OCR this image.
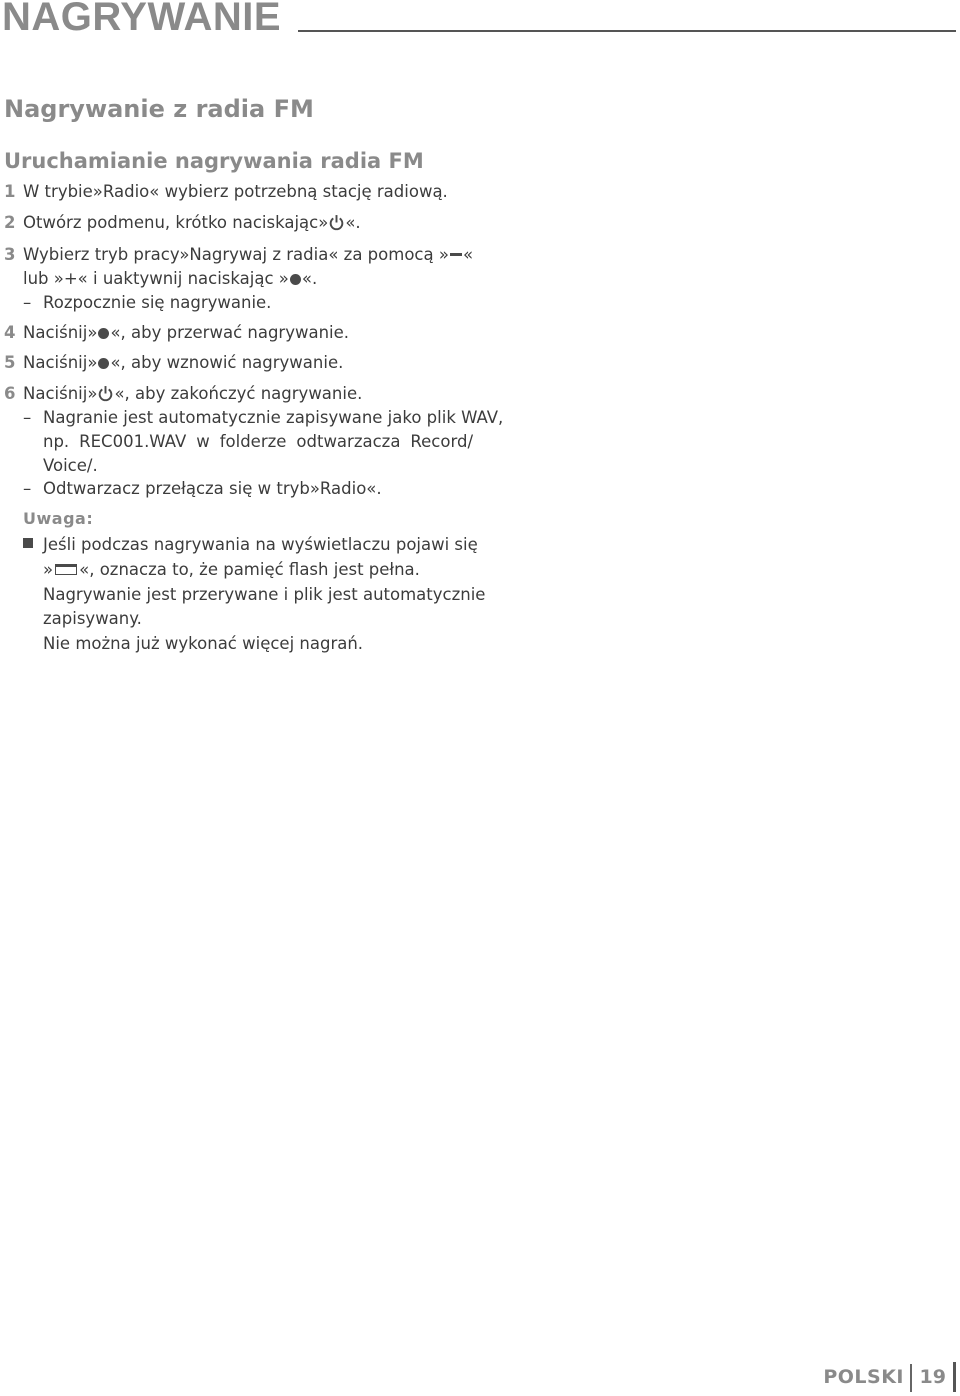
NAGRYWANIE
Nagrywanie z radia FM
Uruchamianie nagrywania radia FM
1 W trybie»Radio« wybierz potrzebną stację radiową.
2 Otwórz podmenu, krótko naciskając» «.
3 Wybierz tryb pracy»Nagrywaj z radia« za pomocą » «
lub »+« i uaktywnij naciskając » «.
– Rozpocznie się nagrywanie.
4 Naciśnij» «, aby przerwać nagrywanie.
5 Naciśnij» «, aby wznowić nagrywanie.
6 Naciśnij» «, aby zakończyć nagrywanie.
– Nagranie jest automatycznie zapisywane jako plik WAV,
np. REC001.WAV w folderze odtwarzacza Record/
Voice/.
– Odtwarzacz przełącza się w tryb»Radio«.
Uwaga:
Jeśli podczas nagrywania na wyświetlaczu pojawi się
» «, oznacza to, że pamięć flash jest pełna.
Nagrywanie jest przerywane i plik jest automatycznie
zapisywany.
Nie można już wykonać więcej nagrań.
POLSKI 19
